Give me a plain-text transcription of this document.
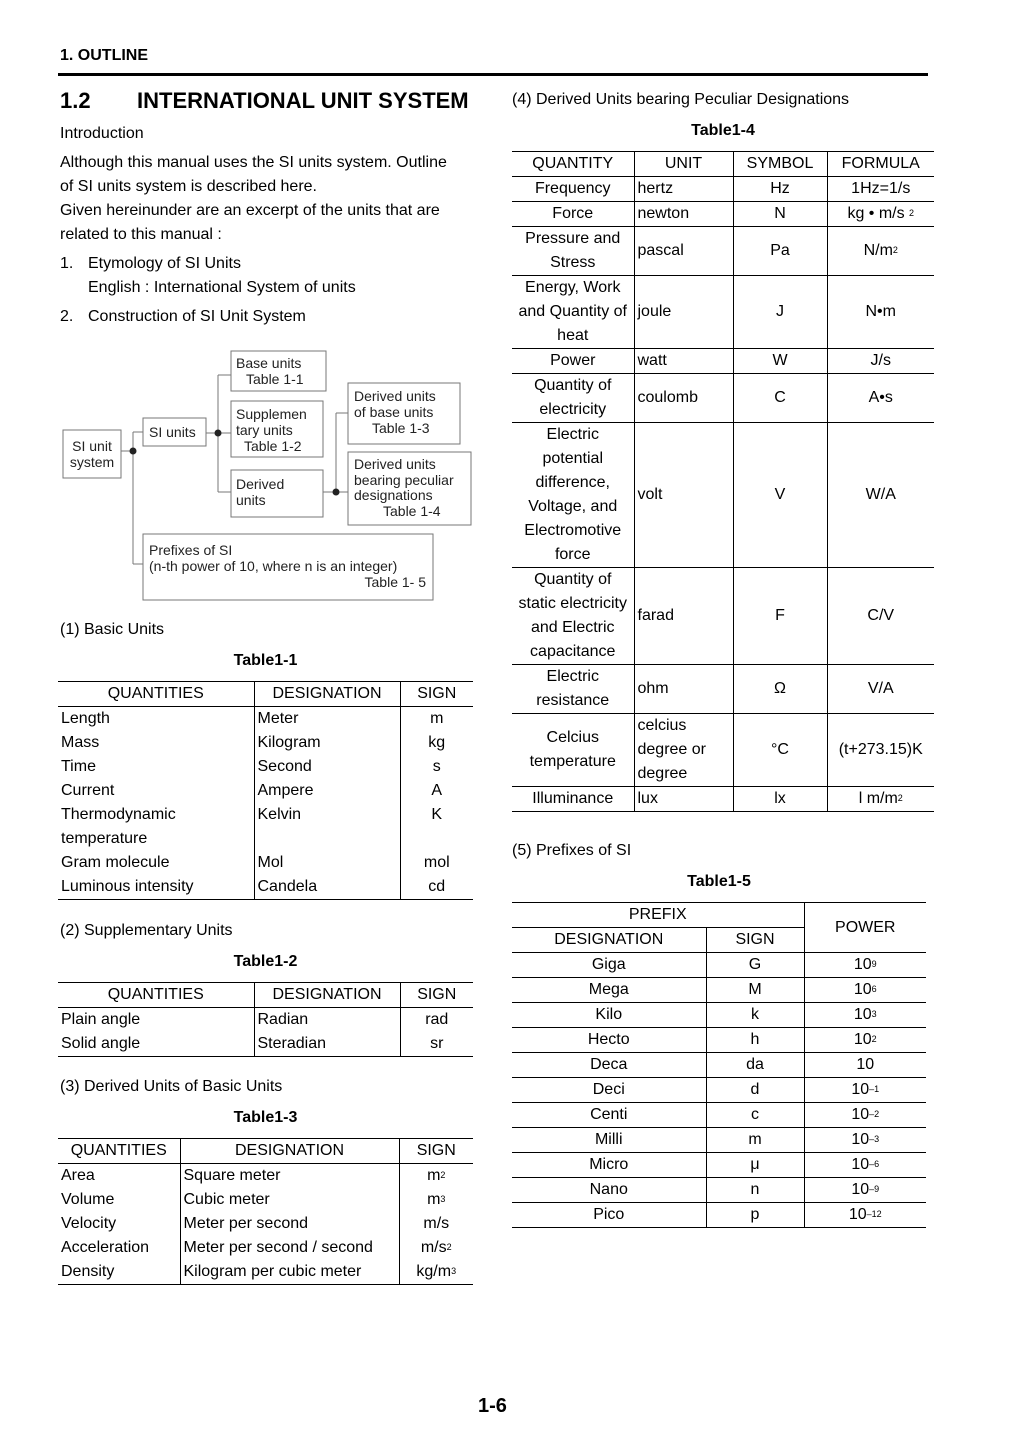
1. OUTLINE
1.2 INTERNATIONAL UNIT SYSTEM
Introduction
Although this manual uses the SI units system. Outline
of SI units system is described here.
Given hereinunder are an excerpt of the units that are
related to this manual :
1. Etymology of SI Units
English : International System of units
2. Construction of SI Unit System
SI unit
system
SI units
Base units
Table 1-1
Supplemen
tary units
Table 1-2
Derived
units
Derived units
of base units
Table 1-3
Derived units
bearing peculiar
designations
Table 1-4
Prefixes of SI
(n-th power of 10, where n is an integer)
Table 1- 5
(1) Basic Units
Table1-1
QUANTITIES	DESIGNATION	SIGN
Length	Meter	m
Mass	Kilogram	kg
Time	Second	s
Current	Ampere	A
Thermodynamic	Kelvin	K
temperature		
Gram molecule	Mol	mol
Luminous intensity	Candela	cd
(2) Supplementary Units
Table1-2
QUANTITIES	DESIGNATION	SIGN
Plain angle	Radian	rad
Solid angle	Steradian	sr
(3) Derived Units of Basic Units
Table1-3
QUANTITIES	DESIGNATION	SIGN
Area	Square meter	$m^2$
Volume	Cubic meter	$m^3$
Velocity	Meter per second	m/s
Acceleration	Meter per second / second	$m/s^2$
Density	Kilogram per cubic meter	$kg/m^3$
(4) Derived Units bearing Peculiar Designations
Table1-4
QUANTITY	UNIT	SYMBOL	FORMULA
Frequency	hertz	Hz	1Hz=1/s
Force	newton	N	kg • m/s $^2$
Pressure and Stress	pascal	Pa	$N/m^2$
Energy, Work and Quantity of heat	joule	J	N•m
Power	watt	W	J/s
Quantity of electricity	coulomb	C	A•s
Electric potential difference, Voltage, and Electromotive force	volt	V	W/A
Quantity of static electricity and Electric capacitance	farad	F	C/V
Electric resistance	ohm	Ω	V/A
Celcius temperature	celcius degree or degree	°C	(t+273.15)K
Illuminance	lux	lx	l $m/m^2$
(5) Prefixes of SI
Table1-5
PREFIX		POWER
DESIGNATION	SIGN	
Giga	G	$10^9$
Mega	M	$10^6$
Kilo	k	$10^3$
Hecto	h	$10^2$
Deca	da	10
Deci	d	$10^{-1}$
Centi	c	$10^{-2}$
Milli	m	$10^{-3}$
Micro	μ	$10^{-6}$
Nano	n	$10^{-9}$
Pico	p	$10^{-12}$
1-6
